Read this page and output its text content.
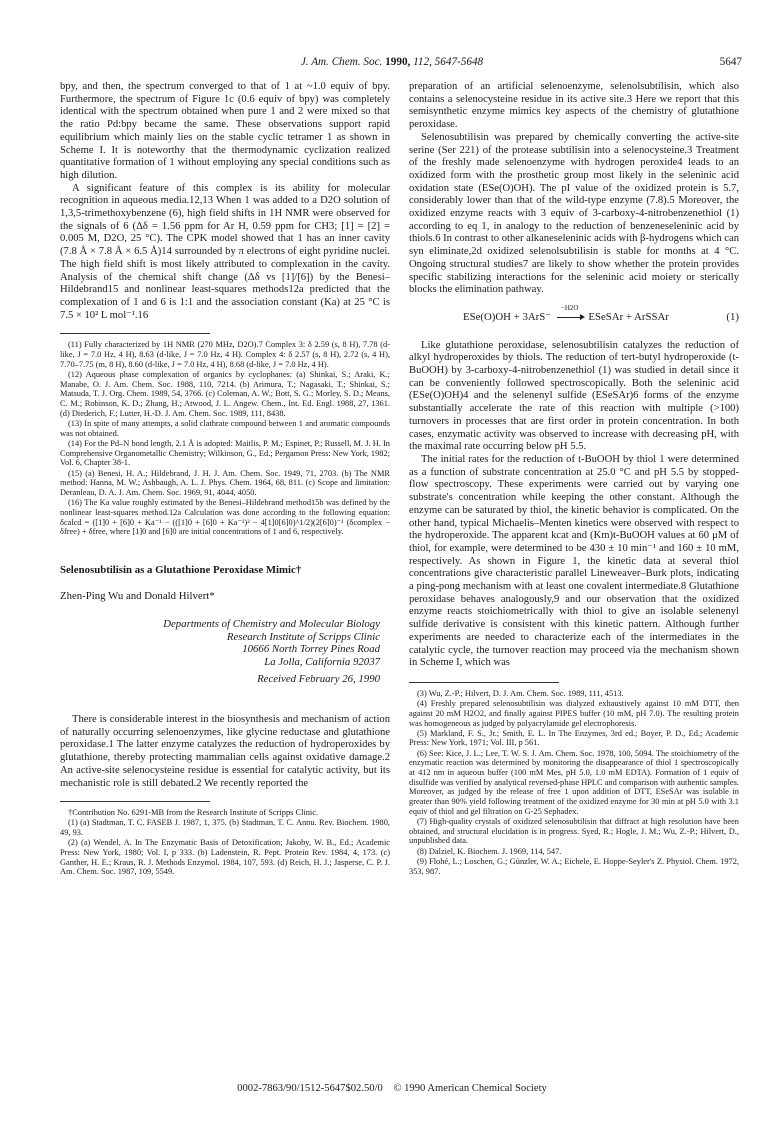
J. Am. Chem. Soc. 1990, 112, 5647-5648	5647

bpy, and then, the spectrum converged to that of 1 at ~1.0 equiv of bpy. Furthermore, the spectrum of Figure 1c (0.6 equiv of bpy) was completely identical with the spectrum obtained when pure 1 and 2 were mixed so that the ratio Pd:bpy became the same. These observations support rapid equilibrium which mainly lies on the stable cyclic tetramer 1 as shown in Scheme I. It is noteworthy that the thermodynamic cyclization realized quantitative formation of 1 without employing any special conditions such as high dilution.

A significant feature of this complex is its ability for molecular recognition in aqueous media.12,13 When 1 was added to a D2O solution of 1,3,5-trimethoxybenzene (6), high field shifts in 1H NMR were observed for the signals of 6 (Δδ = 1.56 ppm for Ar H, 0.59 ppm for CH3; [1] = [2] = 0.005 M, D2O, 25 °C). The CPK model showed that 1 has an inner cavity (7.8 Å × 7.8 Å × 6.5 Å)14 surrounded by π electrons of eight pyridine nuclei. The high field shift is most likely attributed to complexation in the cavity. Analysis of the chemical shift change (Δδ vs [1]/[6]) by the Benesi–Hildebrand15 and nonlinear least-squares methods12a predicted that the complexation of 1 and 6 is 1:1 and the association constant (Ka) at 25 °C is 7.5 × 10² L mol⁻¹.16

(11) Fully characterized by 1H NMR (270 MHz, D2O).7 Complex 3: δ 2.59 (s, 8 H), 7.78 (d-like, J = 7.0 Hz, 4 H), 8.63 (d-like, J = 7.0 Hz, 4 H). Complex 4: δ 2.57 (s, 8 H), 2.72 (s, 4 H), 7.70–7.75 (m, 8 H), 8.60 (d-like, J = 7.0 Hz, 4 H), 8.68 (d-like, J = 7.0 Hz, 4 H).

(12) Aqueous phase complexation of organics by cyclophanes: (a) Shinkai, S.; Araki, K.; Manabe, O. J. Am. Chem. Soc. 1988, 110, 7214. (b) Arimura, T.; Nagasaki, T.; Shinkai, S.; Matsuda, T. J. Org. Chem. 1989, 54, 3766. (c) Coleman, A. W.; Bott, S. G.; Morley, S. D.; Means, C. M.; Robinson, K. D.; Zhang, H.; Atwood, J. L. Angew. Chem., Int. Ed. Engl. 1988, 27, 1361. (d) Diederich, F.; Lutter, H.-D. J. Am. Chem. Soc. 1989, 111, 8438.

(13) In spite of many attempts, a solid clathrate compound between 1 and aromatic compounds was not obtained.

(14) For the Pd–N bond length, 2.1 Å is adopted: Maitlis, P. M.; Espinet, P.; Russell, M. J. H. In Comprehensive Organometallic Chemistry; Wilkinson, G., Ed.; Pergamon Press: New York, 1982; Vol. 6, Chapter 38-1.

(15) (a) Benesi, H. A.; Hildebrand, J. H. J. Am. Chem. Soc. 1949, 71, 2703. (b) The NMR method: Hanna, M. W.; Ashbaugh, A. L. J. Phys. Chem. 1964, 68, 811. (c) Scope and limitation: Deranleau, D. A. J. Am. Chem. Soc. 1969, 91, 4044, 4050.

(16) The Ka value roughly estimated by the Benesi–Hildebrand method15b was defined by the nonlinear least-squares method.12a Calculation was done according to the following equation: δcalcd = ([1]0 + [6]0 + Ka⁻¹ − (([1]0 + [6]0 + Ka⁻¹)² − 4[1]0[6]0)^1/2)(2[6]0)⁻¹ (δcomplex − δfree) + δfree, where [1]0 and [6]0 are initial concentrations of 1 and 6, respectively.

Selenosubtilisin as a Glutathione Peroxidase Mimic†
Zhen-Ping Wu and Donald Hilvert*
Departments of Chemistry and Molecular Biology
Research Institute of Scripps Clinic
10666 North Torrey Pines Road
La Jolla, California 92037
Received February 26, 1990

There is considerable interest in the biosynthesis and mechanism of action of naturally occurring selenoenzymes, like glycine reductase and glutathione peroxidase.1 The latter enzyme catalyzes the reduction of hydroperoxides by glutathione, thereby protecting mammalian cells against oxidative damage.2 An active-site selenocysteine residue is essential for catalytic activity, but its mechanistic role is still debated.2 We recently reported the

†Contribution No. 6291-MB from the Research Institute of Scripps Clinic.

(1) (a) Stadtman, T. C. FASEB J. 1987, 1, 375. (b) Stadtman, T. C. Annu. Rev. Biochem. 1980, 49, 93.

(2) (a) Wendel, A. In The Enzymatic Basis of Detoxification; Jakoby, W. B., Ed.; Academic Press: New York, 1980; Vol. I, p 333. (b) Ladenstein, R. Pept. Protein Rev. 1984, 4, 173. (c) Ganther, H. E.; Kraus, R. J. Methods Enzymol. 1984, 107, 593. (d) Reich, H. J.; Jasperse, C. P. J. Am. Chem. Soc. 1987, 109, 5549.

preparation of an artificial selenoenzyme, selenolsubtilisin, which also contains a selenocysteine residue in its active site.3 Here we report that this semisynthetic enzyme mimics key aspects of the chemistry of glutathione peroxidase.

Selenosubtilisin was prepared by chemically converting the active-site serine (Ser 221) of the protease subtilisin into a selenocysteine.3 Treatment of the freshly made selenoenzyme with hydrogen peroxide4 leads to an oxidized form with the prosthetic group most likely in the seleninic acid oxidation state (ESe(O)OH). The pI value of the oxidized protein is 5.7, considerably lower than that of the wild-type enzyme (7.8).5 Moreover, the oxidized enzyme reacts with 3 equiv of 3-carboxy-4-nitrobenzenethiol (1) according to eq 1, in analogy to the reduction of benzeneseleninic acid by thiols.6 In contrast to other alkaneseleninic acids with β-hydrogens which can syn eliminate,2d oxidized selenolsubtilisin is stable for months at 4 °C. Ongoing structural studies7 are likely to show whether the protein provides specific stabilizing interactions for the seleninic acid moiety or sterically blocks the elimination pathway.

ESe(O)OH + 3ArS⁻
−H2O
ESeSAr + ArSSAr	(1)

Like glutathione peroxidase, selenosubtilisin catalyzes the reduction of alkyl hydroperoxides by thiols. The reduction of tert-butyl hydroperoxide (t-BuOOH) by 3-carboxy-4-nitrobenzenethiol (1) was studied in detail since it can be conveniently followed spectroscopically. Both the seleninic acid (ESe(O)OH)4 and the selenenyl sulfide (ESeSAr)6 forms of the enzyme substantially accelerate the rate of this reaction with multiple (>100) turnovers in processes that are first order in protein concentration. In both cases, enzymatic activity was observed to increase with decreasing pH, with the maximal rate occurring below pH 5.5.

The initial rates for the reduction of t-BuOOH by thiol 1 were determined as a function of substrate concentration at 25.0 °C and pH 5.5 by stopped-flow spectroscopy. These experiments were carried out by varying one substrate's concentration while keeping the other constant. Although the enzyme can be saturated by thiol, the kinetic behavior is complicated. On the other hand, typical Michaelis–Menten kinetics were observed with respect to the hydroperoxide. The apparent kcat and (Km)t-BuOOH values at 60 μM of thiol, for example, were determined to be 430 ± 10 min⁻¹ and 160 ± 10 mM, respectively. As shown in Figure 1, the kinetic data at several thiol concentrations give characteristic parallel Lineweaver–Burk plots, indicating a ping-pong mechanism with at least one covalent intermediate.8 Glutathione peroxidase behaves analogously,9 and our observation that the oxidized enzyme reacts stoichiometrically with thiol to give an isolable selenenyl sulfide derivative is consistent with this kinetic pattern. Although further experiments are needed to characterize each of the intermediates in the catalytic cycle, the turnover reaction may proceed via the mechanism shown in Scheme I, which was

(3) Wu, Z.-P.; Hilvert, D. J. Am. Chem. Soc. 1989, 111, 4513.

(4) Freshly prepared selenosubtilisin was dialyzed exhaustively against 10 mM DTT, then against 20 mM H2O2, and finally against PIPES buffer (10 mM, pH 7.0). The resulting protein was homogeneous as judged by polyacrylamide gel electrophoresis.

(5) Markland, F. S., Jr.; Smith, E. L. In The Enzymes, 3rd ed.; Boyer, P. D., Ed.; Academic Press: New York, 1971; Vol. III, p 561.

(6) See: Kice, J. L.; Lee, T. W. S. J. Am. Chem. Soc. 1978, 100, 5094. The stoichiometry of the enzymatic reaction was determined by monitoring the disappearance of thiol 1 spectroscopically at 412 nm in aqueous buffer (100 mM Mes, pH 5.0, 1.0 mM EDTA). Formation of 1 equiv of disulfide was verified by analytical reversed-phase HPLC and comparison with authentic samples. Moreover, as judged by the release of free 1 upon addition of DTT, ESeSAr was isolable in greater than 90% yield following treatment of the oxidized enzyme for 30 min at pH 5.0 with 3.1 equiv of thiol and gel filtration on G-25 Sephadex.

(7) High-quality crystals of oxidized selenosubtilisin that diffract at high resolution have been obtained, and structural elucidation is in progress. Syed, R.; Hogle, J. M.; Wu, Z.-P.; Hilvert, D., unpublished data.

(8) Dalziel, K. Biochem. J. 1969, 114, 547.

(9) Flohé, L.; Loschen, G.; Günzler, W. A.; Eichele, E. Hoppe-Seyler's Z. Physiol. Chem. 1972, 353, 987.

0002-7863/90/1512-5647$02.50/0 © 1990 American Chemical Society
